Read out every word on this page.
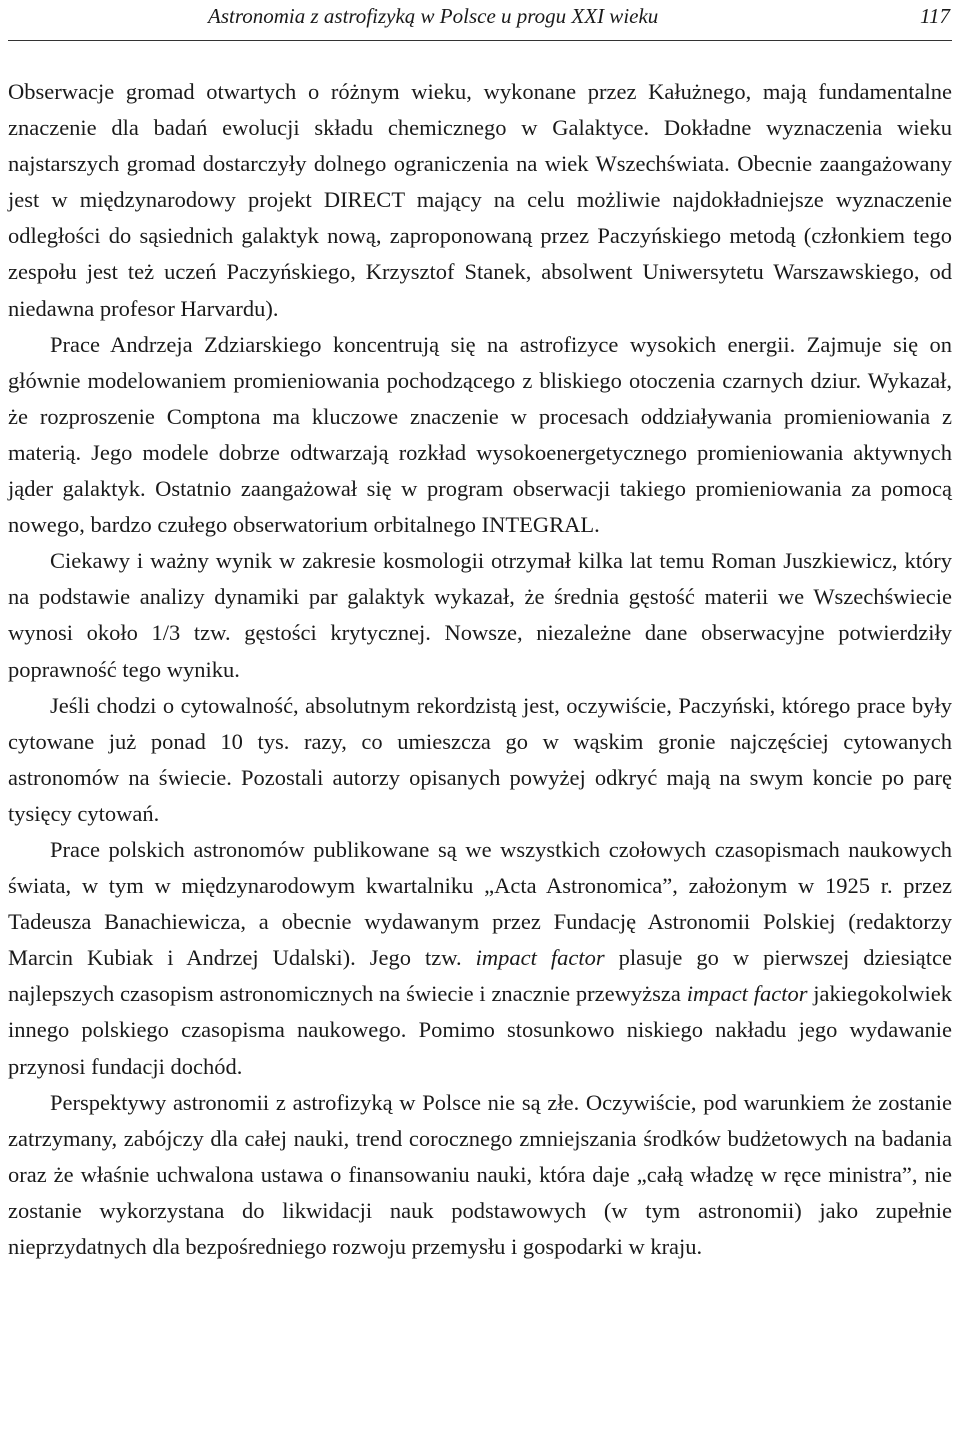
Astronomia z astrofizyką w Polsce u progu XXI wieku	117

Obserwacje gromad otwartych o różnym wieku, wykonane przez Kałużnego, mają fundamentalne znaczenie dla badań ewolucji składu chemicznego w Galaktyce. Dokładne wyznaczenia wieku najstarszych gromad dostarczyły dolnego ograniczenia na wiek Wszechświata. Obecnie zaangażowany jest w międzynarodowy projekt DIRECT mający na celu możliwie najdokładniejsze wyznaczenie odległości do sąsiednich galaktyk nową, zaproponowaną przez Paczyńskiego metodą (członkiem tego zespołu jest też uczeń Paczyńskiego, Krzysztof Stanek, absolwent Uniwersytetu Warszawskiego, od niedawna profesor Harvardu).

Prace Andrzeja Zdziarskiego koncentrują się na astrofizyce wysokich energii. Zajmuje się on głównie modelowaniem promieniowania pochodzącego z bliskiego otoczenia czarnych dziur. Wykazał, że rozproszenie Comptona ma kluczowe znaczenie w procesach oddziaływania promieniowania z materią. Jego modele dobrze odtwarzają rozkład wysokoenergetycznego promieniowania aktywnych jąder galaktyk. Ostatnio zaangażował się w program obserwacji takiego promieniowania za pomocą nowego, bardzo czułego obserwatorium orbitalnego INTEGRAL.

Ciekawy i ważny wynik w zakresie kosmologii otrzymał kilka lat temu Roman Juszkiewicz, który na podstawie analizy dynamiki par galaktyk wykazał, że średnia gęstość materii we Wszechświecie wynosi około 1/3 tzw. gęstości krytycznej. Nowsze, niezależne dane obserwacyjne potwierdziły poprawność tego wyniku.

Jeśli chodzi o cytowalność, absolutnym rekordzistą jest, oczywiście, Paczyński, którego prace były cytowane już ponad 10 tys. razy, co umieszcza go w wąskim gronie najczęściej cytowanych astronomów na świecie. Pozostali autorzy opisanych powyżej odkryć mają na swym koncie po parę tysięcy cytowań.

Prace polskich astronomów publikowane są we wszystkich czołowych czasopismach naukowych świata, w tym w międzynarodowym kwartalniku „Acta Astronomica”, założonym w 1925 r. przez Tadeusza Banachiewicza, a obecnie wydawanym przez Fundację Astronomii Polskiej (redaktorzy Marcin Kubiak i Andrzej Udalski). Jego tzw. impact factor plasuje go w pierwszej dziesiątce najlepszych czasopism astronomicznych na świecie i znacznie przewyższa impact factor jakiegokolwiek innego polskiego czasopisma naukowego. Pomimo stosunkowo niskiego nakładu jego wydawanie przynosi fundacji dochód.

Perspektywy astronomii z astrofizyką w Polsce nie są złe. Oczywiście, pod warunkiem że zostanie zatrzymany, zabójczy dla całej nauki, trend corocznego zmniejszania środków budżetowych na badania oraz że właśnie uchwalona ustawa o finansowaniu nauki, która daje „całą władzę w ręce ministra”, nie zostanie wykorzystana do likwidacji nauk podstawowych (w tym astronomii) jako zupełnie nieprzydatnych dla bezpośredniego rozwoju przemysłu i gospodarki w kraju.
